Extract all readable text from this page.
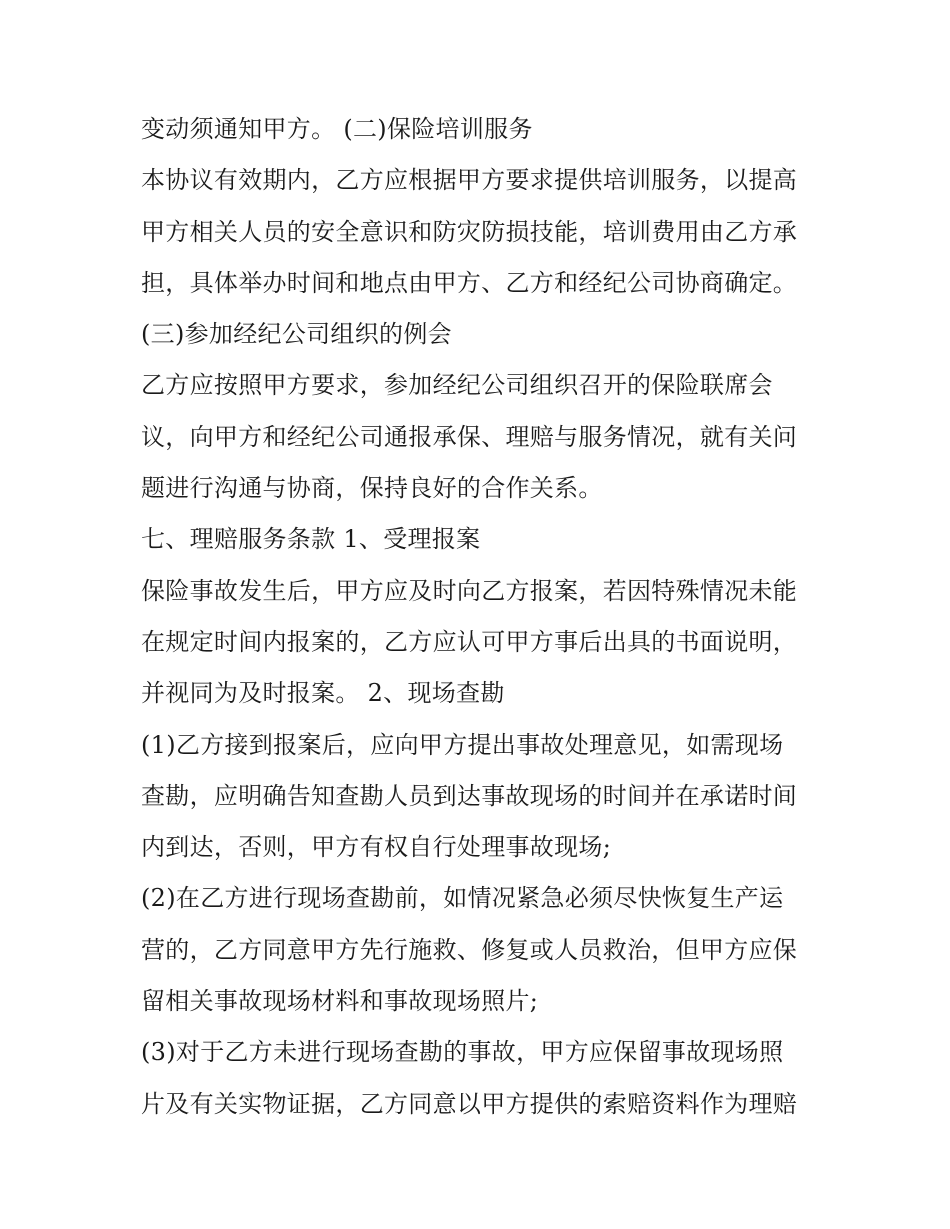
变动须通知甲方。 (二)保险培训服务

本协议有效期内，乙方应根据甲方要求提供培训服务，以提高

甲方相关人员的安全意识和防灾防损技能，培训费用由乙方承

担，具体举办时间和地点由甲方、乙方和经纪公司协商确定。

(三)参加经纪公司组织的例会

乙方应按照甲方要求，参加经纪公司组织召开的保险联席会

议，向甲方和经纪公司通报承保、理赔与服务情况，就有关问

题进行沟通与协商，保持良好的合作关系。

七、理赔服务条款 1、受理报案

保险事故发生后，甲方应及时向乙方报案，若因特殊情况未能

在规定时间内报案的，乙方应认可甲方事后出具的书面说明，

并视同为及时报案。 2、现场查勘

(1)乙方接到报案后，应向甲方提出事故处理意见，如需现场

查勘，应明确告知查勘人员到达事故现场的时间并在承诺时间

内到达，否则，甲方有权自行处理事故现场;

(2)在乙方进行现场查勘前，如情况紧急必须尽快恢复生产运

营的，乙方同意甲方先行施救、修复或人员救治，但甲方应保

留相关事故现场材料和事故现场照片;

(3)对于乙方未进行现场查勘的事故，甲方应保留事故现场照

片及有关实物证据，乙方同意以甲方提供的索赔资料作为理赔
